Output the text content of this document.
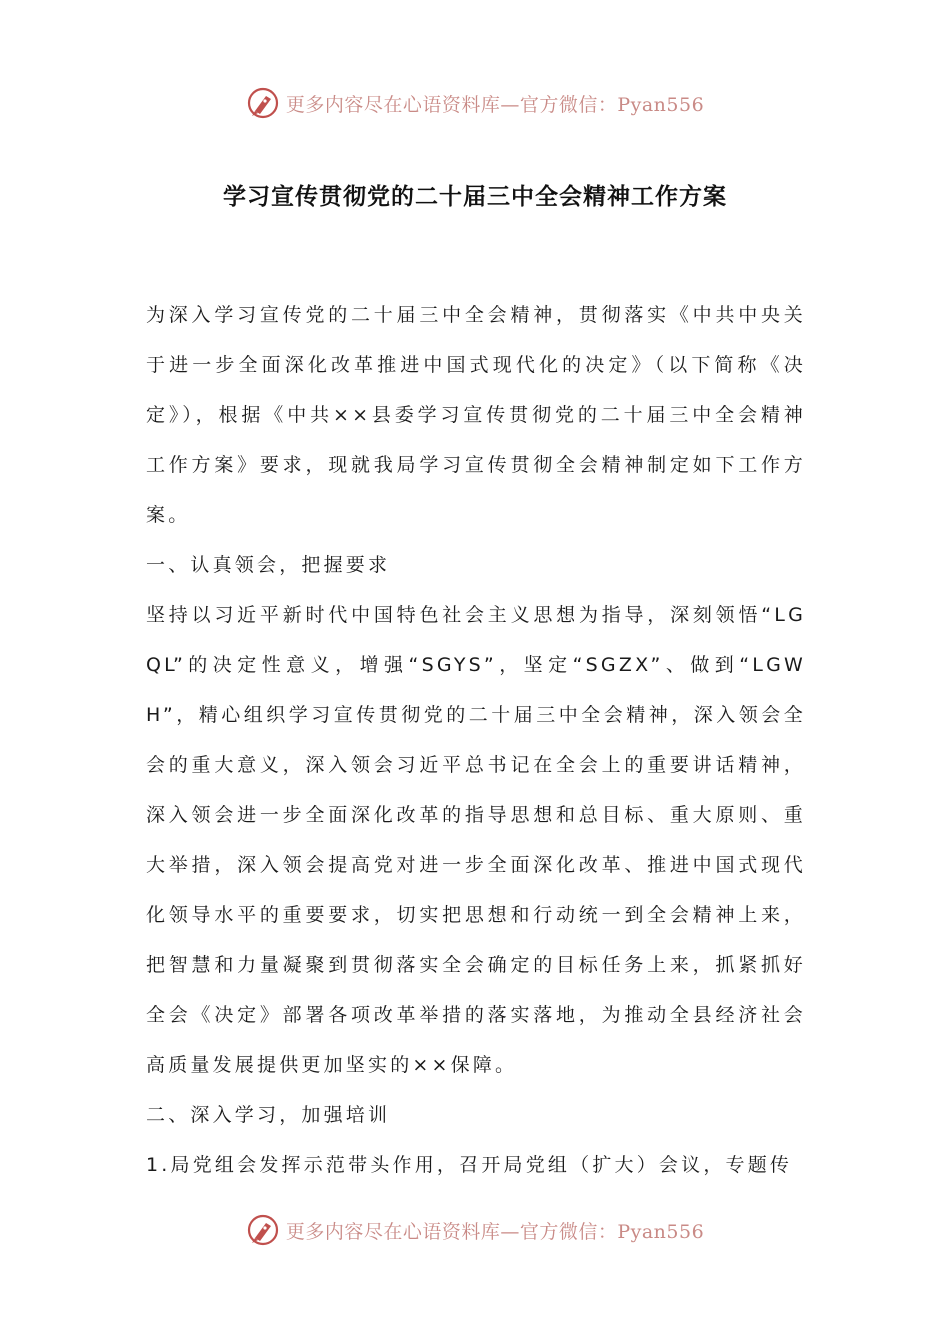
更多内容尽在心语资料库—官方微信：Pyan556
学习宣传贯彻党的二十届三中全会精神工作方案

为深入学习宣传党的二十届三中全会精神，贯彻落实《中共中央关于进一步全面深化改革推进中国式现代化的决定》（以下简称《决定》），根据《中共××县委学习宣传贯彻党的二十届三中全会精神工作方案》要求，现就我局学习宣传贯彻全会精神制定如下工作方案。

一、认真领会，把握要求

坚持以习近平新时代中国特色社会主义思想为指导，深刻领悟“LGQL”的决定性意义，增强“SGYS”，坚定“SGZX”、做到“LGWH”，精心组织学习宣传贯彻党的二十届三中全会精神，深入领会全会的重大意义，深入领会习近平总书记在全会上的重要讲话精神，深入领会进一步全面深化改革的指导思想和总目标、重大原则、重大举措，深入领会提高党对进一步全面深化改革、推进中国式现代化领导水平的重要要求，切实把思想和行动统一到全会精神上来，把智慧和力量凝聚到贯彻落实全会确定的目标任务上来，抓紧抓好全会《决定》部署各项改革举措的落实落地，为推动全县经济社会高质量发展提供更加坚实的××保障。

二、深入学习，加强培训

1.局党组会发挥示范带头作用，召开局党组（扩大）会议，专题传

更多内容尽在心语资料库—官方微信：Pyan556
